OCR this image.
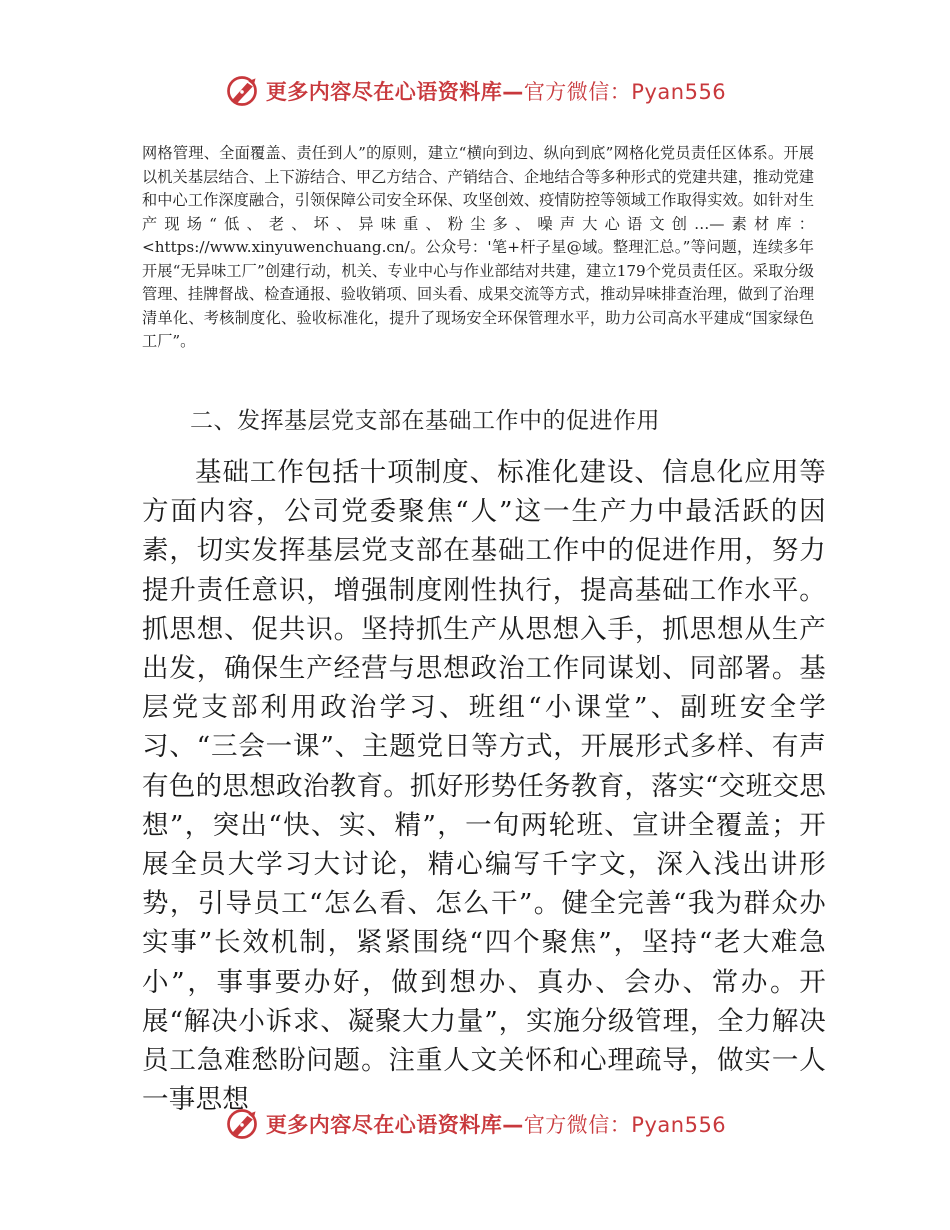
更多内容尽在心语资料库—官方微信：Pyan556

网格管理、全面覆盖、责任到人”的原则，建立“横向到边、纵向到底”网格化党员责任区体系。开展以机关基层结合、上下游结合、甲乙方结合、产销结合、企地结合等多种形式的党建共建，推动党建和中心工作深度融合，引领保障公司安全环保、攻坚创效、疫情防控等领域工作取得实效。如针对生产现场“低、老、坏、异味重、粉尘多、噪声大心语文创…—素材库：<https://www.xinyuwenchuang.cn/。公众号：'笔+杆子星@域。整理汇总。”等问题，连续多年开展“无异味工厂”创建行动，机关、专业中心与作业部结对共建，建立179个党员责任区。采取分级管理、挂牌督战、检查通报、验收销项、回头看、成果交流等方式，推动异味排查治理，做到了治理清单化、考核制度化、验收标准化，提升了现场安全环保管理水平，助力公司高水平建成“国家绿色工厂”。

二、发挥基层党支部在基础工作中的促进作用

基础工作包括十项制度、标准化建设、信息化应用等方面内容，公司党委聚焦“人”这一生产力中最活跃的因素，切实发挥基层党支部在基础工作中的促进作用，努力提升责任意识，增强制度刚性执行，提高基础工作水平。抓思想、促共识。坚持抓生产从思想入手，抓思想从生产出发，确保生产经营与思想政治工作同谋划、同部署。基层党支部利用政治学习、班组“小课堂”、副班安全学习、“三会一课”、主题党日等方式，开展形式多样、有声有色的思想政治教育。抓好形势任务教育，落实“交班交思想”，突出“快、实、精”，一旬两轮班、宣讲全覆盖；开展全员大学习大讨论，精心编写千字文，深入浅出讲形势，引导员工“怎么看、怎么干”。健全完善“我为群众办实事”长效机制，紧紧围绕“四个聚焦”，坚持“老大难急小”，事事要办好，做到想办、真办、会办、常办。开展“解决小诉求、凝聚大力量”，实施分级管理，全力解决员工急难愁盼问题。注重人文关怀和心理疏导，做实一人一事思想

更多内容尽在心语资料库—官方微信：Pyan556
